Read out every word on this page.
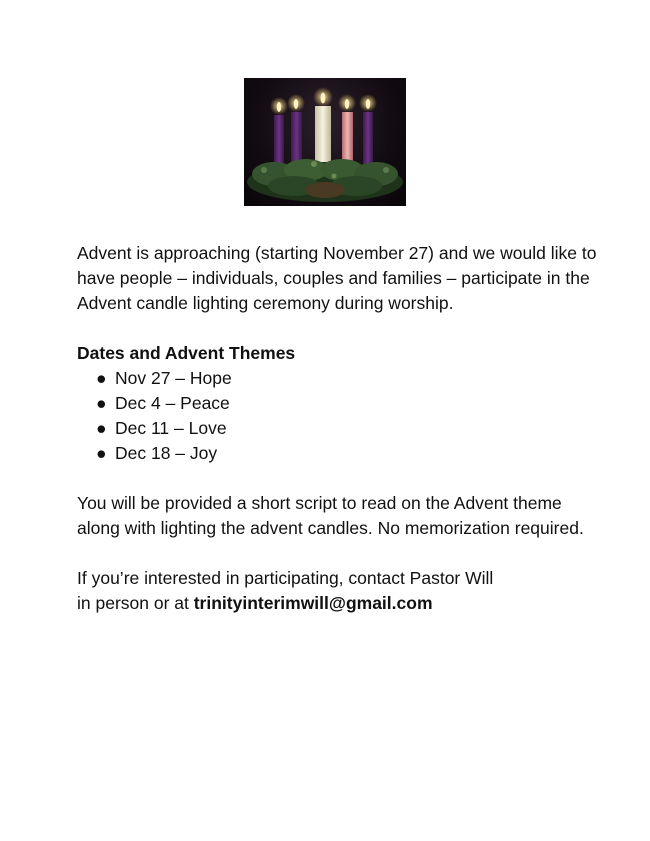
Advent is approaching (starting November 27) and we would like to have people – individuals, couples and families – participate in the Advent candle lighting ceremony during worship.

Dates and Advent Themes

● Nov 27 – Hope
● Dec 4 – Peace
● Dec 11 – Love
● Dec 18 – Joy

You will be provided a short script to read on the Advent theme along with lighting the advent candles. No memorization required.

If you’re interested in participating, contact Pastor Will
in person or at trinityinterimwill@gmail.com
